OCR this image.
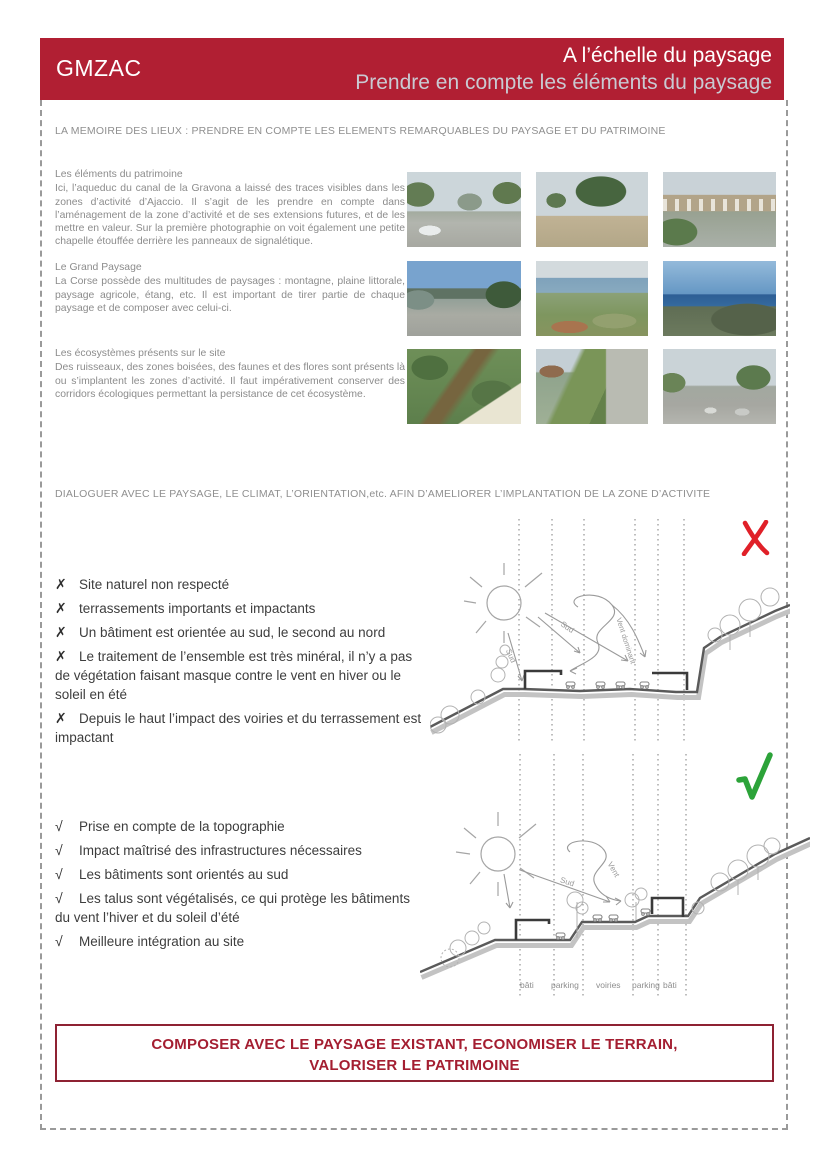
GMZAC	A l’échelle du paysage
Prendre en compte les éléments du paysage
LA MEMOIRE DES LIEUX : PRENDRE EN COMPTE LES ELEMENTS REMARQUABLES DU PAYSAGE ET DU PATRIMOINE

Les éléments du patrimoine

Ici, l’aqueduc du canal de la Gravona a laissé des traces visibles dans les zones d’activité d’Ajaccio. Il s’agit de les prendre en compte dans l’aménagement de la zone d’activité et de ses extensions futures, et de les mettre en valeur. Sur la première photographie on voit également une petite chapelle étouffée derrière les panneaux de signalétique.

Le Grand Paysage

La Corse possède des multitudes de paysages : montagne, plaine littorale, paysage agricole, étang, etc. Il est important de tirer partie de chaque paysage et de composer avec celui-ci.

Les écosystèmes présents sur le site

Des ruisseaux, des zones boisées, des faunes et des flores sont présents là ou s’implantent les zones d’activité. Il faut impérativement conserver des corridors écologiques permettant la persistance de cet écosystème.

DIALOGUER AVEC LE PAYSAGE, LE CLIMAT, L’ORIENTATION,etc. AFIN D’AMELIORER L’IMPLANTATION DE LA ZONE D’ACTIVITE

✗ Site naturel non respecté

✗ terrassements importants et impactants

✗ Un bâtiment est orientée au sud, le second au nord

✗ Le traitement de l’ensemble est très minéral, il n’y a pas de végétation faisant masque contre le vent en hiver ou le soleil en été

✗ Depuis le haut l’impact des voiries et du terrassement est impactant

√ Prise en compte de la topographie

√ Impact maîtrisé des infrastructures nécessaires

√ Les bâtiments sont orientés au sud

√ Les talus sont végétalisés, ce qui protège les bâtiments du vent l’hiver et du soleil d’été

√ Meilleure intégration au site

Sud
Sud	Vent dominant
Sud
Vent
bâti parking voiries parking bâti
COMPOSER AVEC LE PAYSAGE EXISTANT, ECONOMISER LE TERRAIN,
VALORISER LE PATRIMOINE
